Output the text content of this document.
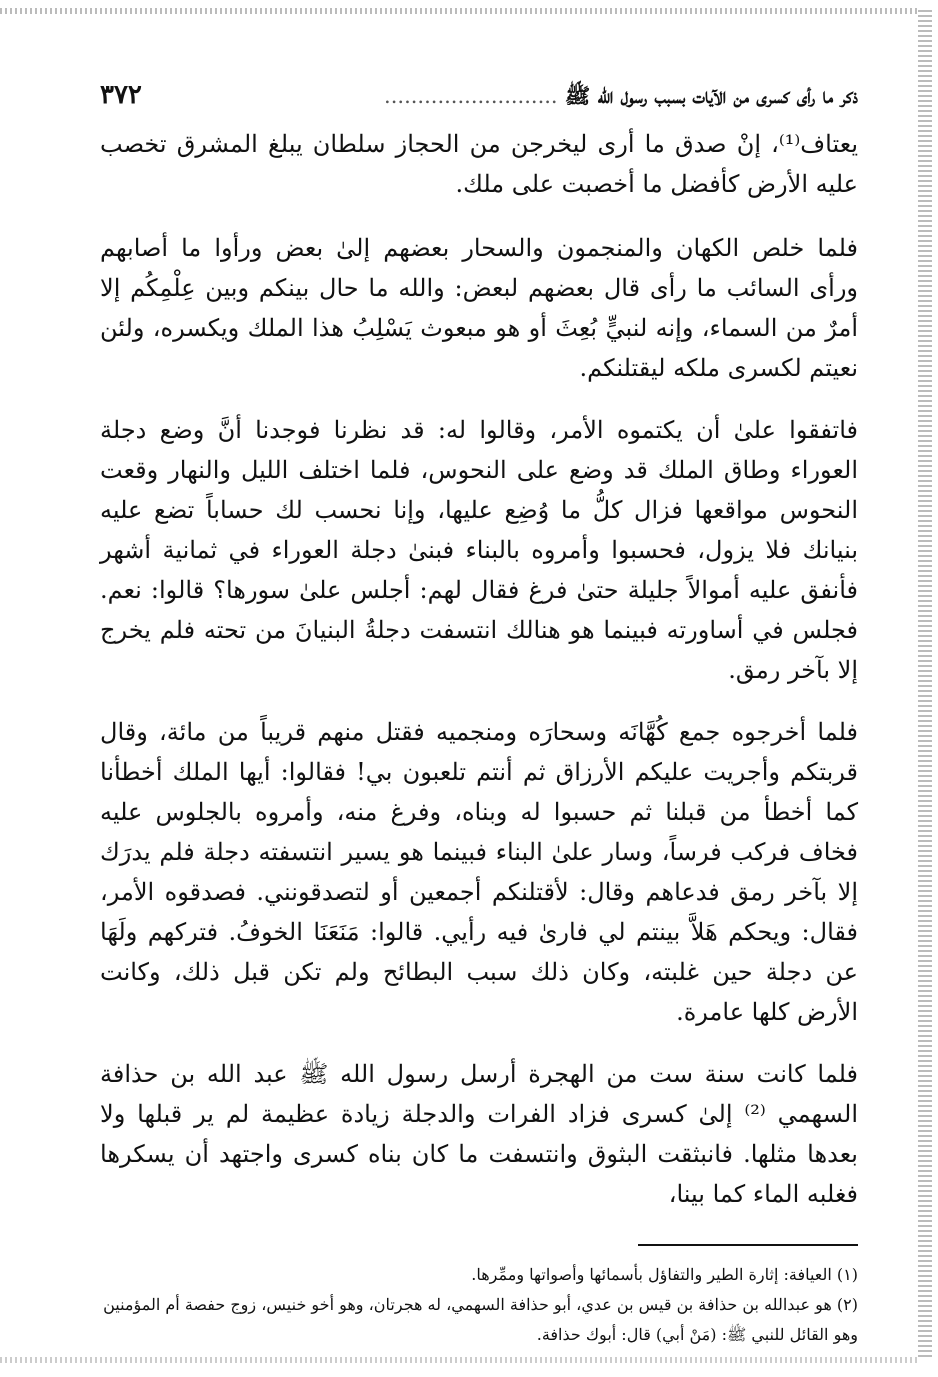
ذكر ما رأى كسرى من الآيات بسبب رسول الله ﷺ ..........................
٣٧٢

يعتاف⁽¹⁾، إنْ صدق ما أرى ليخرجن من الحجاز سلطان يبلغ المشرق تخصب عليه الأرض كأفضل ما أخصبت على ملك.

فلما خلص الكهان والمنجمون والسحار بعضهم إلىٰ بعض ورأوا ما أصابهم ورأى السائب ما رأى قال بعضهم لبعض: والله ما حال بينكم وبين عِلْمِكُم إلا أمرٌ من السماء، وإنه لنبيٍّ بُعِثَ أو هو مبعوث يَسْلِبُ هذا الملك ويكسره، ولئن نعيتم لكسرى ملكه ليقتلنكم.

فاتفقوا علىٰ أن يكتموه الأمر، وقالوا له: قد نظرنا فوجدنا أنَّ وضع دجلة العوراء وطاق الملك قد وضع على النحوس، فلما اختلف الليل والنهار وقعت النحوس مواقعها فزال كلُّ ما وُضِع عليها، وإنا نحسب لك حساباً تضع عليه بنيانك فلا يزول، فحسبوا وأمروه بالبناء فبنىٰ دجلة العوراء في ثمانية أشهر فأنفق عليه أموالاً جليلة حتىٰ فرغ فقال لهم: أجلس علىٰ سورها؟ قالوا: نعم. فجلس في أساورته فبينما هو هنالك انتسفت دجلةُ البنيانَ من تحته فلم يخرج إلا بآخر رمق.

فلما أخرجوه جمع كُهَّانَه وسحارَه ومنجميه فقتل منهم قريباً من مائة، وقال قربتكم وأجريت عليكم الأرزاق ثم أنتم تلعبون بي! فقالوا: أيها الملك أخطأنا كما أخطأ من قبلنا ثم حسبوا له وبناه، وفرغ منه، وأمروه بالجلوس عليه فخاف فركب فرساً، وسار علىٰ البناء فبينما هو يسير انتسفته دجلة فلم يدرَك إلا بآخر رمق فدعاهم وقال: لأقتلنكم أجمعين أو لتصدقونني. فصدقوه الأمر، فقال: ويحكم هَلاَّ بينتم لي فارىٰ فيه رأيي. قالوا: مَنَعَنَا الخوفُ. فتركهم ولَهَا عن دجلة حين غلبته، وكان ذلك سبب البطائح ولم تكن قبل ذلك، وكانت الأرض كلها عامرة.

فلما كانت سنة ست من الهجرة أرسل رسول الله ﷺ عبد الله بن حذافة السهمي ⁽²⁾ إلىٰ كسرى فزاد الفرات والدجلة زيادة عظيمة لم ير قبلها ولا بعدها مثلها. فانبثقت البثوق وانتسفت ما كان بناه كسرى واجتهد أن يسكرها فغلبه الماء كما بينا،

(١) العيافة: إثارة الطير والتفاؤل بأسمائها وأصواتها وممِّرها.

(٢) هو عبدالله بن حذافة بن قيس بن عدي، أبو حذافة السهمي، له هجرتان، وهو أخو خنيس، زوج حفصة أم المؤمنين وهو القائل للنبي ﷺ: (مَنْ أبي) قال: أبوك حذافة.
